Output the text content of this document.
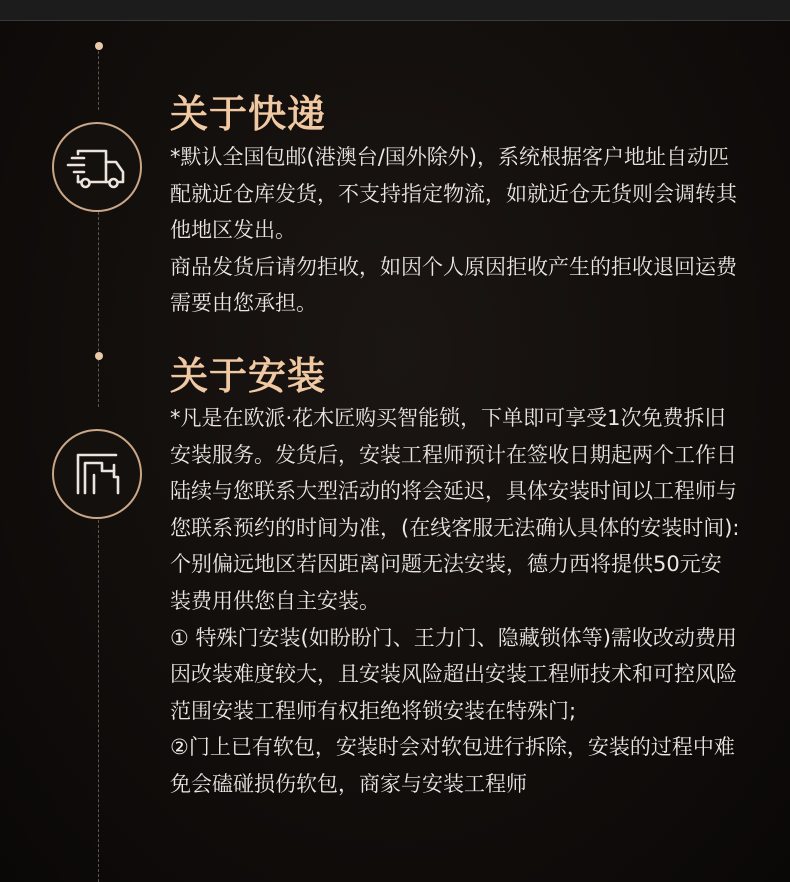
关于快递

*默认全国包邮(港澳台/国外除外)，系统根据客户地址自动匹配就近仓库发货，不支持指定物流，如就近仓无货则会调转其他地区发出。

商品发货后请勿拒收，如因个人原因拒收产生的拒收退回运费需要由您承担。

关于安装

*凡是在欧派·花木匠购买智能锁，下单即可享受1次免费拆旧安装服务。发货后，安装工程师预计在签收日期起两个工作日陆续与您联系大型活动的将会延迟，具体安装时间以工程师与您联系预约的时间为准，(在线客服无法确认具体的安装时间):个别偏远地区若因距离问题无法安装，德力西将提供50元安装费用供您自主安装。

① 特殊门安装(如盼盼门、王力门、隐藏锁体等)需收改动费用因改装难度较大，且安装风险超出安装工程师技术和可控风险范围安装工程师有权拒绝将锁安装在特殊门;

②门上已有软包，安装时会对软包进行拆除，安装的过程中难免会磕碰损伤软包，商家与安装工程师
